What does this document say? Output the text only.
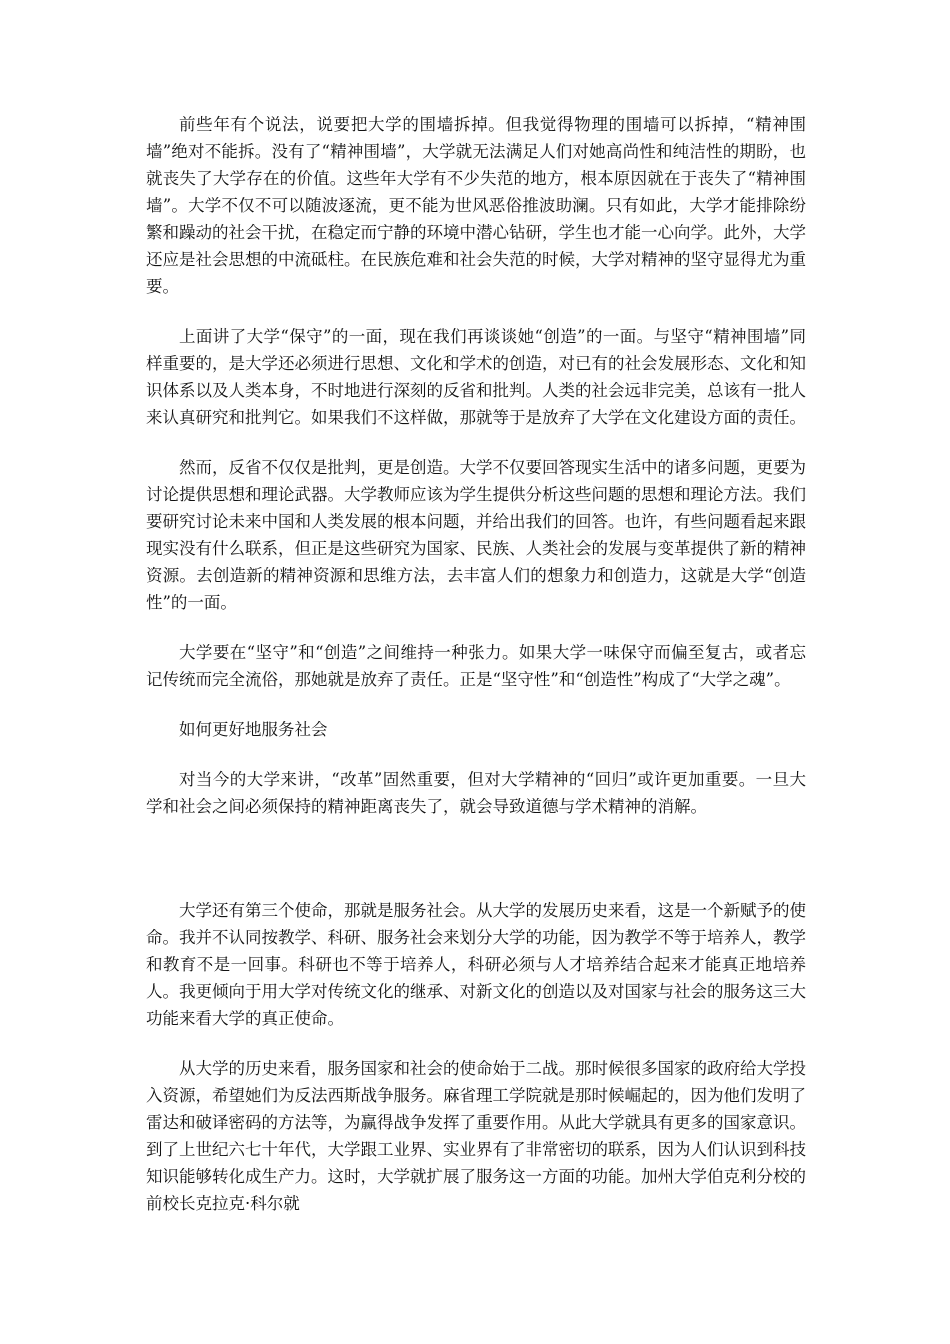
前些年有个说法，说要把大学的围墙拆掉。但我觉得物理的围墙可以拆掉，“精神围墙”绝对不能拆。没有了“精神围墙”，大学就无法满足人们对她高尚性和纯洁性的期盼，也就丧失了大学存在的价值。这些年大学有不少失范的地方，根本原因就在于丧失了“精神围墙”。大学不仅不可以随波逐流，更不能为世风恶俗推波助澜。只有如此，大学才能排除纷繁和躁动的社会干扰，在稳定而宁静的环境中潜心钻研，学生也才能一心向学。此外，大学还应是社会思想的中流砥柱。在民族危难和社会失范的时候，大学对精神的坚守显得尤为重要。

上面讲了大学“保守”的一面，现在我们再谈谈她“创造”的一面。与坚守“精神围墙”同样重要的，是大学还必须进行思想、文化和学术的创造，对已有的社会发展形态、文化和知识体系以及人类本身，不时地进行深刻的反省和批判。人类的社会远非完美，总该有一批人来认真研究和批判它。如果我们不这样做，那就等于是放弃了大学在文化建设方面的责任。

然而，反省不仅仅是批判，更是创造。大学不仅要回答现实生活中的诸多问题，更要为讨论提供思想和理论武器。大学教师应该为学生提供分析这些问题的思想和理论方法。我们要研究讨论未来中国和人类发展的根本问题，并给出我们的回答。也许，有些问题看起来跟现实没有什么联系，但正是这些研究为国家、民族、人类社会的发展与变革提供了新的精神资源。去创造新的精神资源和思维方法，去丰富人们的想象力和创造力，这就是大学“创造性”的一面。

大学要在“坚守”和“创造”之间维持一种张力。如果大学一味保守而偏至复古，或者忘记传统而完全流俗，那她就是放弃了责任。正是“坚守性”和“创造性”构成了“大学之魂”。

如何更好地服务社会

对当今的大学来讲，“改革”固然重要，但对大学精神的“回归”或许更加重要。一旦大学和社会之间必须保持的精神距离丧失了，就会导致道德与学术精神的消解。

大学还有第三个使命，那就是服务社会。从大学的发展历史来看，这是一个新赋予的使命。我并不认同按教学、科研、服务社会来划分大学的功能，因为教学不等于培养人，教学和教育不是一回事。科研也不等于培养人，科研必须与人才培养结合起来才能真正地培养人。我更倾向于用大学对传统文化的继承、对新文化的创造以及对国家与社会的服务这三大功能来看大学的真正使命。

从大学的历史来看，服务国家和社会的使命始于二战。那时候很多国家的政府给大学投入资源，希望她们为反法西斯战争服务。麻省理工学院就是那时候崛起的，因为他们发明了雷达和破译密码的方法等，为赢得战争发挥了重要作用。从此大学就具有更多的国家意识。到了上世纪六七十年代，大学跟工业界、实业界有了非常密切的联系，因为人们认识到科技知识能够转化成生产力。这时，大学就扩展了服务这一方面的功能。加州大学伯克利分校的前校长克拉克·科尔就
